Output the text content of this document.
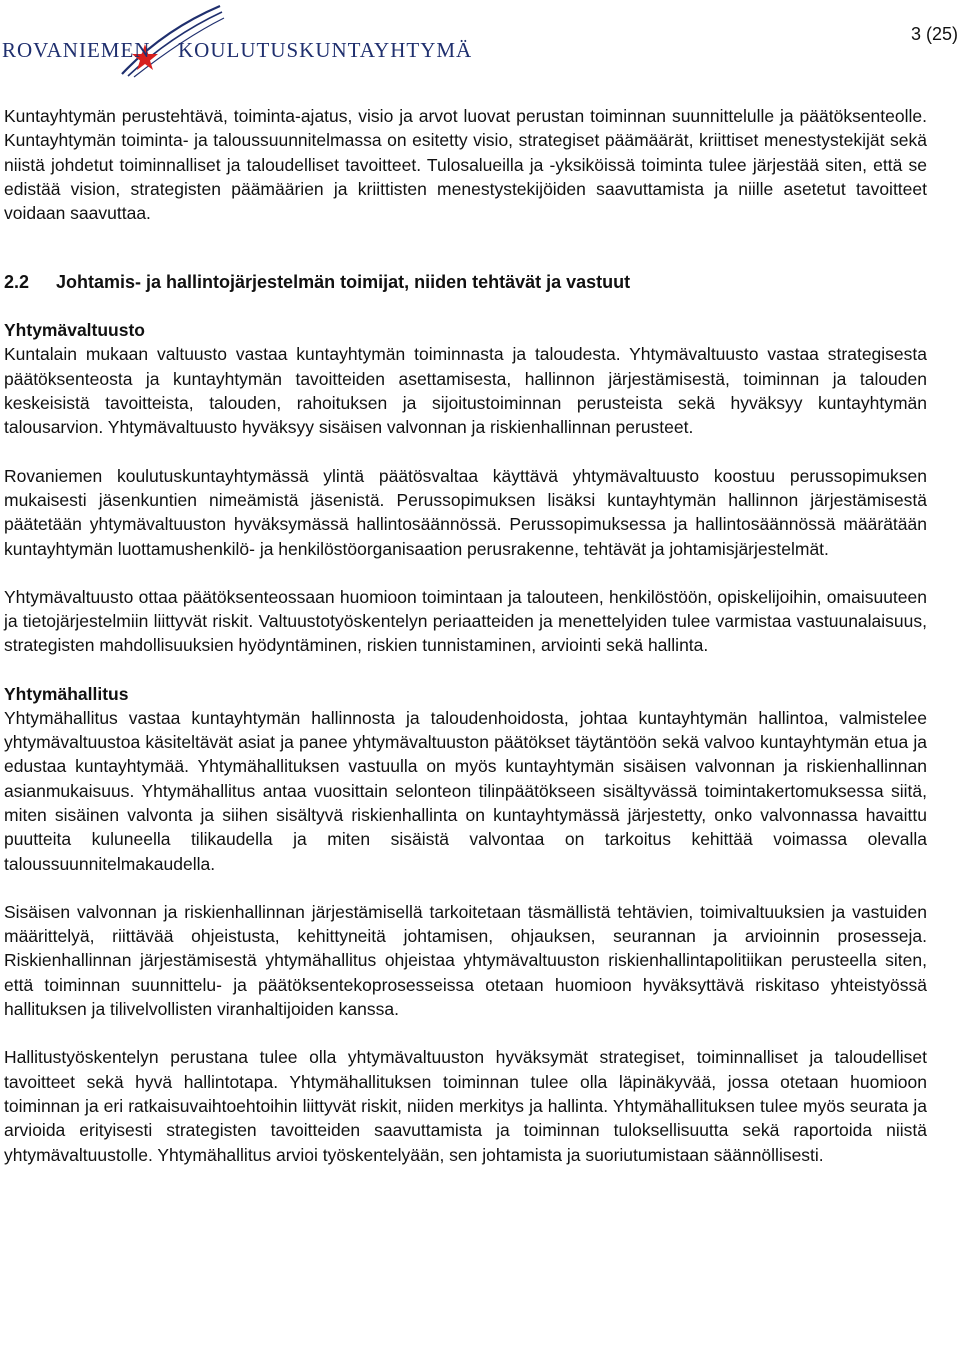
ROVANIEMEN KOULUTUSKUNTAYHTYMÄ
3 (25)

Kuntayhtymän perustehtävä, toiminta-ajatus, visio ja arvot luovat perustan toiminnan suunnittelulle ja päätöksenteolle. Kuntayhtymän toiminta- ja taloussuunnitelmassa on esitetty visio, strategiset päämäärät, kriittiset menestystekijät sekä niistä johdetut toiminnalliset ja taloudelliset tavoitteet. Tulosalueilla ja -yksiköissä toiminta tulee järjestää siten, että se edistää vision, strategisten päämäärien ja kriittisten menestystekijöiden saavuttamista ja niille asetetut tavoitteet voidaan saavuttaa.

2.2 Johtamis- ja hallintojärjestelmän toimijat, niiden tehtävät ja vastuut
Yhtymävaltuusto

Kuntalain mukaan valtuusto vastaa kuntayhtymän toiminnasta ja taloudesta. Yhtymävaltuusto vastaa strategisesta päätöksenteosta ja kuntayhtymän tavoitteiden asettamisesta, hallinnon järjestämisestä, toiminnan ja talouden keskeisistä tavoitteista, talouden, rahoituksen ja sijoitustoiminnan perusteista sekä hyväksyy kuntayhtymän talousarvion. Yhtymävaltuusto hyväksyy sisäisen valvonnan ja riskienhallinnan perusteet.

Rovaniemen koulutuskuntayhtymässä ylintä päätösvaltaa käyttävä yhtymävaltuusto koostuu perussopimuksen mukaisesti jäsenkuntien nimeämistä jäsenistä. Perussopimuksen lisäksi kuntayhtymän hallinnon järjestämisestä päätetään yhtymävaltuuston hyväksymässä hallintosäännössä. Perussopimuksessa ja hallintosäännössä määrätään kuntayhtymän luottamushenkilö- ja henkilöstöorganisaation perusrakenne, tehtävät ja johtamisjärjestelmät.

Yhtymävaltuusto ottaa päätöksenteossaan huomioon toimintaan ja talouteen, henkilöstöön, opiskelijoihin, omaisuuteen ja tietojärjestelmiin liittyvät riskit. Valtuustotyöskentelyn periaatteiden ja menettelyiden tulee varmistaa vastuunalaisuus, strategisten mahdollisuuksien hyödyntäminen, riskien tunnistaminen, arviointi sekä hallinta.

Yhtymähallitus

Yhtymähallitus vastaa kuntayhtymän hallinnosta ja taloudenhoidosta, johtaa kuntayhtymän hallintoa, valmistelee yhtymävaltuustoa käsiteltävät asiat ja panee yhtymävaltuuston päätökset täytäntöön sekä valvoo kuntayhtymän etua ja edustaa kuntayhtymää. Yhtymähallituksen vastuulla on myös kuntayhtymän sisäisen valvonnan ja riskienhallinnan asianmukaisuus. Yhtymähallitus antaa vuosittain selonteon tilinpäätökseen sisältyvässä toimintakertomuksessa siitä, miten sisäinen valvonta ja siihen sisältyvä riskienhallinta on kuntayhtymässä järjestetty, onko valvonnassa havaittu puutteita kuluneella tilikaudella ja miten sisäistä valvontaa on tarkoitus kehittää voimassa olevalla taloussuunnitelmakaudella.

Sisäisen valvonnan ja riskienhallinnan järjestämisellä tarkoitetaan täsmällistä tehtävien, toimivaltuuksien ja vastuiden määrittelyä, riittävää ohjeistusta, kehittyneitä johtamisen, ohjauksen, seurannan ja arvioinnin prosesseja. Riskienhallinnan järjestämisestä yhtymähallitus ohjeistaa yhtymävaltuuston riskienhallintapolitiikan perusteella siten, että toiminnan suunnittelu- ja päätöksentekoprosesseissa otetaan huomioon hyväksyttävä riskitaso yhteistyössä hallituksen ja tilivelvollisten viranhaltijoiden kanssa.

Hallitustyöskentelyn perustana tulee olla yhtymävaltuuston hyväksymät strategiset, toiminnalliset ja taloudelliset tavoitteet sekä hyvä hallintotapa. Yhtymähallituksen toiminnan tulee olla läpinäkyvää, jossa otetaan huomioon toiminnan ja eri ratkaisuvaihtoehtoihin liittyvät riskit, niiden merkitys ja hallinta. Yhtymähallituksen tulee myös seurata ja arvioida erityisesti strategisten tavoitteiden saavuttamista ja toiminnan tuloksellisuutta sekä raportoida niistä yhtymävaltuustolle. Yhtymähallitus arvioi työskentelyään, sen johtamista ja suoriutumistaan säännöllisesti.
